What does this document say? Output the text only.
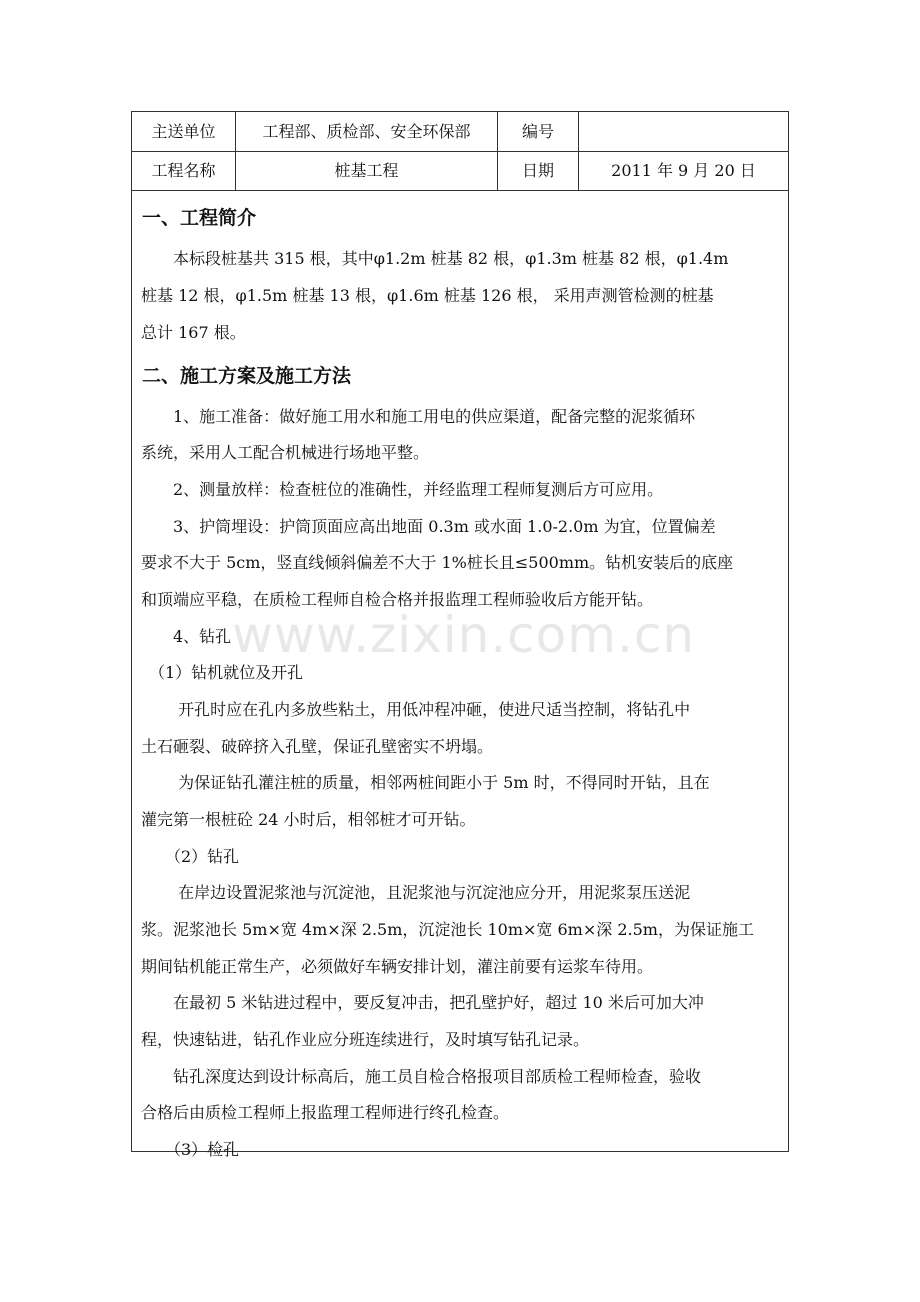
主送单位	工程部、质检部、安全环保部	编号
工程名称	桩基工程	日期	2011 年 9 月 20 日
一、工程简介
　　本标段桩基共 315 根，其中φ1.2m 桩基 82 根，φ1.3m 桩基 82 根，φ1.4m
桩基 12 根，φ1.5m 桩基 13 根，φ1.6m 桩基 126 根， 采用声测管检测的桩基
总计 167 根。
二、施工方案及施工方法
　　1、施工准备：做好施工用水和施工用电的供应渠道，配备完整的泥浆循环
系统，采用人工配合机械进行场地平整。
　　2、测量放样：检查桩位的准确性，并经监理工程师复测后方可应用。
　　3、护筒埋设：护筒顶面应高出地面 0.3m 或水面 1.0-2.0m 为宜，位置偏差
要求不大于 5cm，竖直线倾斜偏差不大于 1%桩长且≤500mm。钻机安装后的底座
和顶端应平稳，在质检工程师自检合格并报监理工程师验收后方能开钻。
　　4、钻孔
　（1）钻机就位及开孔
　　 开孔时应在孔内多放些粘土，用低冲程冲砸，使进尺适当控制，将钻孔中
土石砸裂、破碎挤入孔壁，保证孔壁密实不坍塌。
　　 为保证钻孔灌注桩的质量，相邻两桩间距小于 5m 时，不得同时开钻，且在
灌完第一根桩砼 24 小时后，相邻桩才可开钻。
　　（2）钻孔
　　 在岸边设置泥浆池与沉淀池，且泥浆池与沉淀池应分开，用泥浆泵压送泥
浆。泥浆池长 5m×宽 4m×深 2.5m，沉淀池长 10m×宽 6m×深 2.5m，为保证施工
期间钻机能正常生产，必须做好车辆安排计划，灌注前要有运浆车待用。
　　在最初 5 米钻进过程中，要反复冲击，把孔壁护好，超过 10 米后可加大冲
程，快速钻进，钻孔作业应分班连续进行，及时填写钻孔记录。
　　钻孔深度达到设计标高后，施工员自检合格报项目部质检工程师检查，验收
合格后由质检工程师上报监理工程师进行终孔检查。
　　（3）检孔
www.zixin.com.cn
